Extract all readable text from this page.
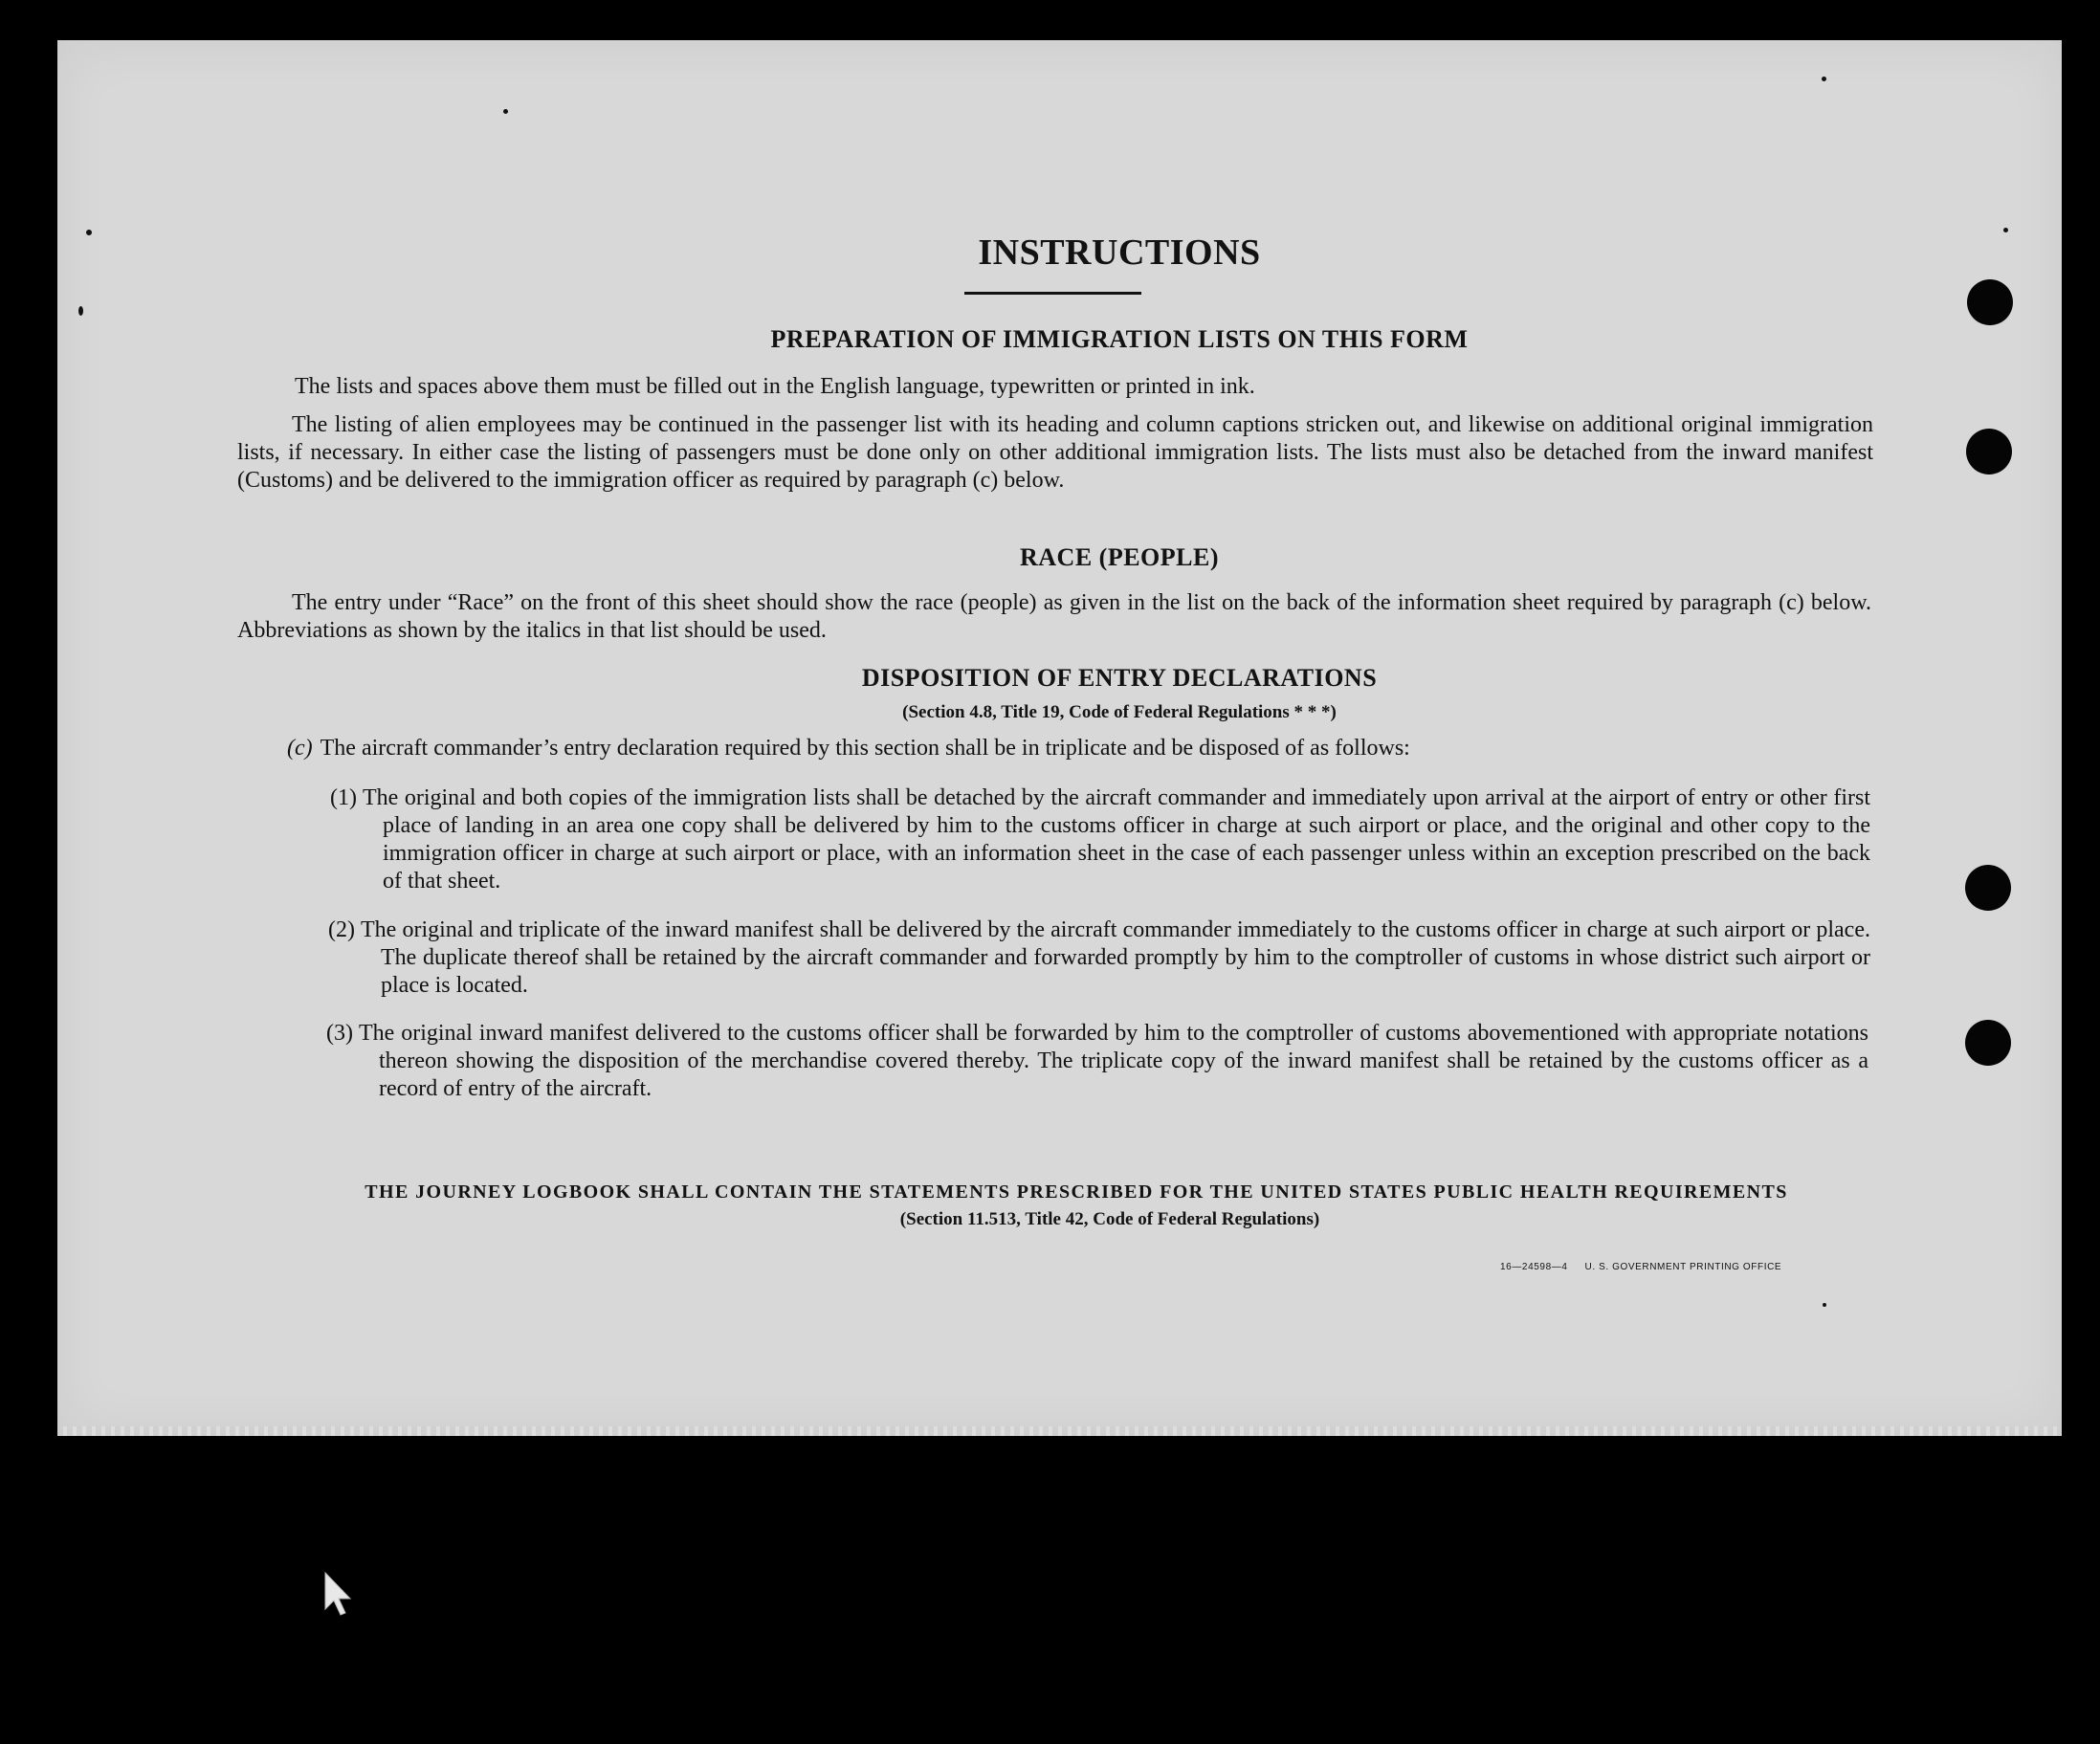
INSTRUCTIONS
PREPARATION OF IMMIGRATION LISTS ON THIS FORM
The lists and spaces above them must be filled out in the English language, typewritten or printed in ink.
The listing of alien employees may be continued in the passenger list with its heading and column captions stricken out, and likewise on additional original immigration lists, if necessary. In either case the listing of passengers must be done only on other additional immigration lists. The lists must also be detached from the inward manifest (Customs) and be delivered to the immigration officer as required by paragraph (c) below.
RACE (PEOPLE)
The entry under “Race” on the front of this sheet should show the race (people) as given in the list on the back of the information sheet required by paragraph (c) below. Abbreviations as shown by the italics in that list should be used.
DISPOSITION OF ENTRY DECLARATIONS
(Section 4.8, Title 19, Code of Federal Regulations * * *)
(c) The aircraft commander’s entry declaration required by this section shall be in triplicate and be disposed of as follows:
(1) The original and both copies of the immigration lists shall be detached by the aircraft commander and immediately upon arrival at the airport of entry or other first place of landing in an area one copy shall be delivered by him to the customs officer in charge at such airport or place, and the original and other copy to the immigration officer in charge at such airport or place, with an information sheet in the case of each passenger unless within an exception prescribed on the back of that sheet.
(2) The original and triplicate of the inward manifest shall be delivered by the aircraft commander immediately to the customs officer in charge at such airport or place. The duplicate thereof shall be retained by the aircraft commander and forwarded promptly by him to the comptroller of customs in whose district such airport or place is located.
(3) The original inward manifest delivered to the customs officer shall be forwarded by him to the comptroller of customs abovementioned with appropriate notations thereon showing the disposition of the merchandise covered thereby. The triplicate copy of the inward manifest shall be retained by the customs officer as a record of entry of the aircraft.
THE JOURNEY LOGBOOK SHALL CONTAIN THE STATEMENTS PRESCRIBED FOR THE UNITED STATES PUBLIC HEALTH REQUIREMENTS
(Section 11.513, Title 42, Code of Federal Regulations)
16—24598—4 U. S. GOVERNMENT PRINTING OFFICE
